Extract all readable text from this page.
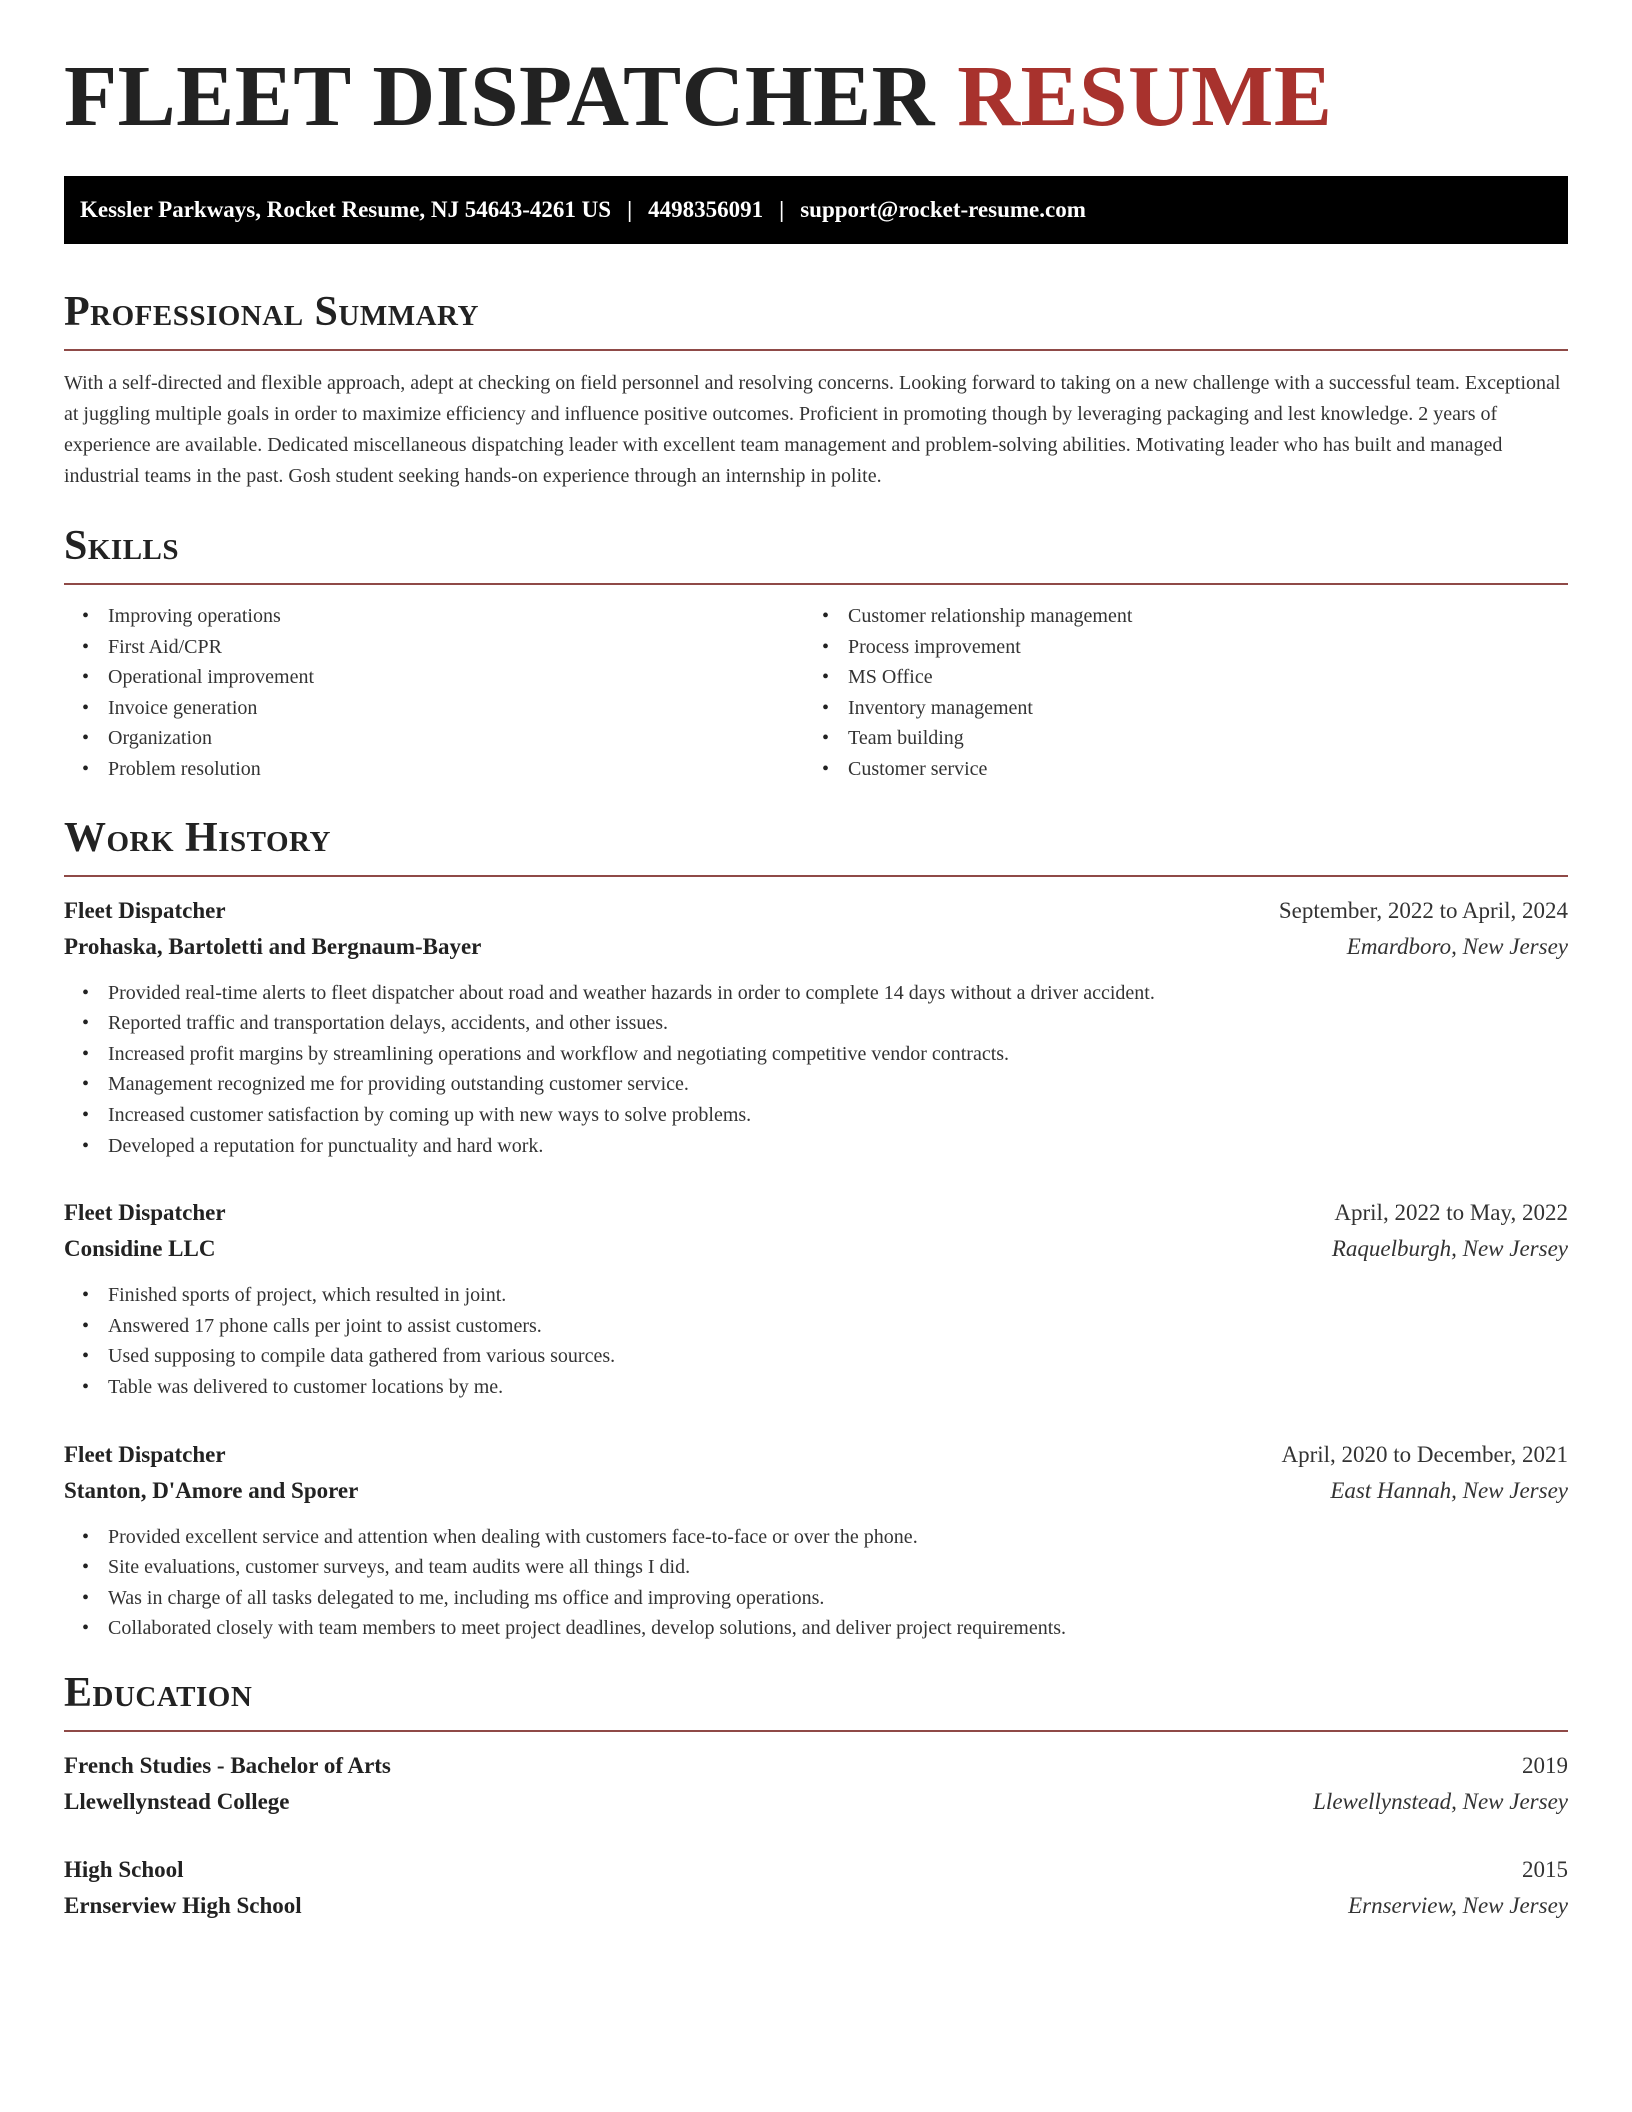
FLEET DISPATCHER RESUME
Kessler Parkways, Rocket Resume, NJ 54643-4261 US | 4498356091 | support@rocket-resume.com
Professional Summary

With a self-directed and flexible approach, adept at checking on field personnel and resolving concerns. Looking forward to taking on a new challenge with a successful team. Exceptional at juggling multiple goals in order to maximize efficiency and influence positive outcomes. Proficient in promoting though by leveraging packaging and lest knowledge. 2 years of experience are available. Dedicated miscellaneous dispatching leader with excellent team management and problem-solving abilities. Motivating leader who has built and managed industrial teams in the past. Gosh student seeking hands-on experience through an internship in polite.

Skills
• Improving operations
• First Aid/CPR
• Operational improvement
• Invoice generation
• Organization
• Problem resolution
• Customer relationship management
• Process improvement
• MS Office
• Inventory management
• Team building
• Customer service
Work History
Fleet Dispatcher	September, 2022 to April, 2024
Prohaska, Bartoletti and Bergnaum-Bayer	Emardboro, New Jersey
• Provided real-time alerts to fleet dispatcher about road and weather hazards in order to complete 14 days without a driver accident.
• Reported traffic and transportation delays, accidents, and other issues.
• Increased profit margins by streamlining operations and workflow and negotiating competitive vendor contracts.
• Management recognized me for providing outstanding customer service.
• Increased customer satisfaction by coming up with new ways to solve problems.
• Developed a reputation for punctuality and hard work.
Fleet Dispatcher	April, 2022 to May, 2022
Considine LLC	Raquelburgh, New Jersey
• Finished sports of project, which resulted in joint.
• Answered 17 phone calls per joint to assist customers.
• Used supposing to compile data gathered from various sources.
• Table was delivered to customer locations by me.
Fleet Dispatcher	April, 2020 to December, 2021
Stanton, D'Amore and Sporer	East Hannah, New Jersey
• Provided excellent service and attention when dealing with customers face-to-face or over the phone.
• Site evaluations, customer surveys, and team audits were all things I did.
• Was in charge of all tasks delegated to me, including ms office and improving operations.
• Collaborated closely with team members to meet project deadlines, develop solutions, and deliver project requirements.
Education
French Studies - Bachelor of Arts	2019
Llewellynstead College	Llewellynstead, New Jersey
High School	2015
Ernserview High School	Ernserview, New Jersey
